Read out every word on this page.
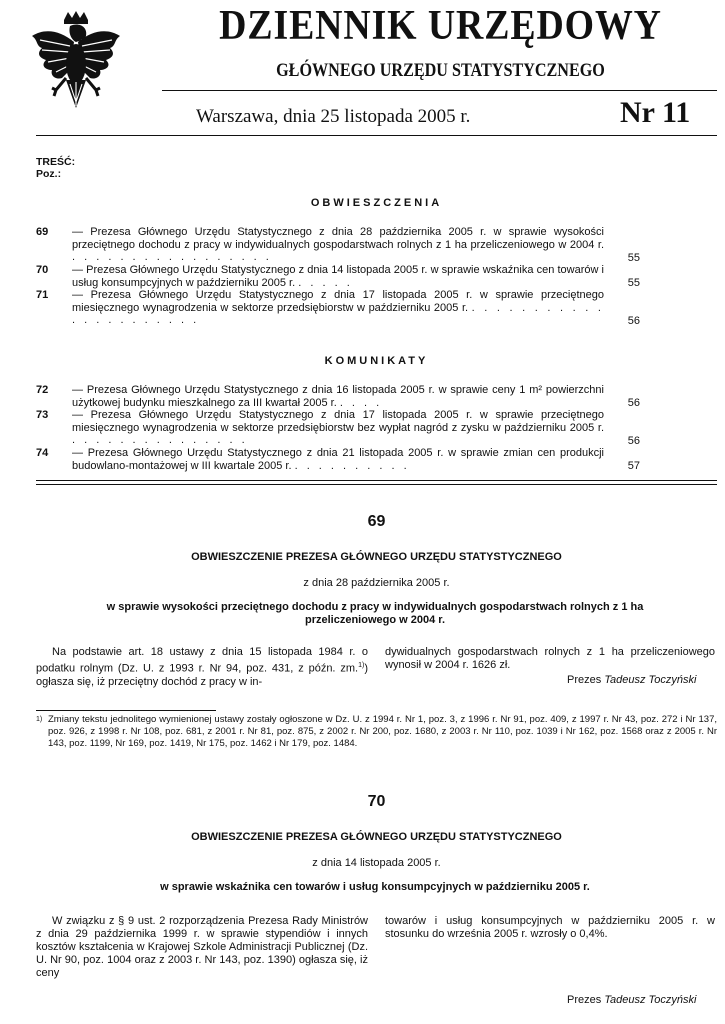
DZIENNIK URZĘDOWY
GŁÓWNEGO URZĘDU STATYSTYCZNEGO
Warszawa, dnia 25 listopada 2005 r.	Nr 11
TREŚĆ:
Poz.:
OBWIESZCZENIA
69 — Prezesa Głównego Urzędu Statystycznego z dnia 28 października 2005 r. w sprawie wysokości przeciętnego dochodu z pracy w indywidualnych gospodarstwach rolnych z 1 ha przeliczeniowego w 2004 r. . . . . . . . . . . . . . . . . .	55
70 — Prezesa Głównego Urzędu Statystycznego z dnia 14 listopada 2005 r. w sprawie wskaźnika cen towarów i usług konsumpcyjnych w październiku 2005 r. . . . . .	55
71 — Prezesa Głównego Urzędu Statystycznego z dnia 17 listopada 2005 r. w sprawie przeciętnego miesięcznego wynagrodzenia w sektorze przedsiębiorstw w październiku 2005 r. . . . . . . . . . . . . . . . . . . . . . .	56
KOMUNIKATY
72 — Prezesa Głównego Urzędu Statystycznego z dnia 16 listopada 2005 r. w sprawie ceny 1 m² powierzchni użytkowej budynku mieszkalnego za III kwartał 2005 r. . . . .	56
73 — Prezesa Głównego Urzędu Statystycznego z dnia 17 listopada 2005 r. w sprawie przeciętnego miesięcznego wynagrodzenia w sektorze przedsiębiorstw bez wypłat nagród z zysku w październiku 2005 r. . . . . . . . . . . . . . . .	56
74 — Prezesa Głównego Urzędu Statystycznego z dnia 21 listopada 2005 r. w sprawie zmian cen produkcji budowlano-montażowej w III kwartale 2005 r. . . . . . . . . . .	57
69
OBWIESZCZENIE PREZESA GŁÓWNEGO URZĘDU STATYSTYCZNEGO
z dnia 28 października 2005 r.
w sprawie wysokości przeciętnego dochodu z pracy w indywidualnych gospodarstwach rolnych z 1 ha przeliczeniowego w 2004 r.
Na podstawie art. 18 ustawy z dnia 15 listopada 1984 r. o podatku rolnym (Dz. U. z 1993 r. Nr 94, poz. 431, z późn. zm.$^{1)}$) ogłasza się, iż przeciętny dochód z pracy w in-
dywidualnych gospodarstwach rolnych z 1 ha przeliczeniowego wynosił w 2004 r. 1626 zł.
Prezes Tadeusz Toczyński
1) Zmiany tekstu jednolitego wymienionej ustawy zostały ogłoszone w Dz. U. z 1994 r. Nr 1, poz. 3, z 1996 r. Nr 91, poz. 409, z 1997 r. Nr 43, poz. 272 i Nr 137, poz. 926, z 1998 r. Nr 108, poz. 681, z 2001 r. Nr 81, poz. 875, z 2002 r. Nr 200, poz. 1680, z 2003 r. Nr 110, poz. 1039 i Nr 162, poz. 1568 oraz z 2005 r. Nr 143, poz. 1199, Nr 169, poz. 1419, Nr 175, poz. 1462 i Nr 179, poz. 1484.
70
OBWIESZCZENIE PREZESA GŁÓWNEGO URZĘDU STATYSTYCZNEGO
z dnia 14 listopada 2005 r.
w sprawie wskaźnika cen towarów i usług konsumpcyjnych w październiku 2005 r.
W związku z § 9 ust. 2 rozporządzenia Prezesa Rady Ministrów z dnia 29 października 1999 r. w sprawie stypendiów i innych kosztów kształcenia w Krajowej Szkole Administracji Publicznej (Dz. U. Nr 90, poz. 1004 oraz z 2003 r. Nr 143, poz. 1390) ogłasza się, iż ceny
towarów i usług konsumpcyjnych w październiku 2005 r. w stosunku do września 2005 r. wzrosły o 0,4%.
Prezes Tadeusz Toczyński
